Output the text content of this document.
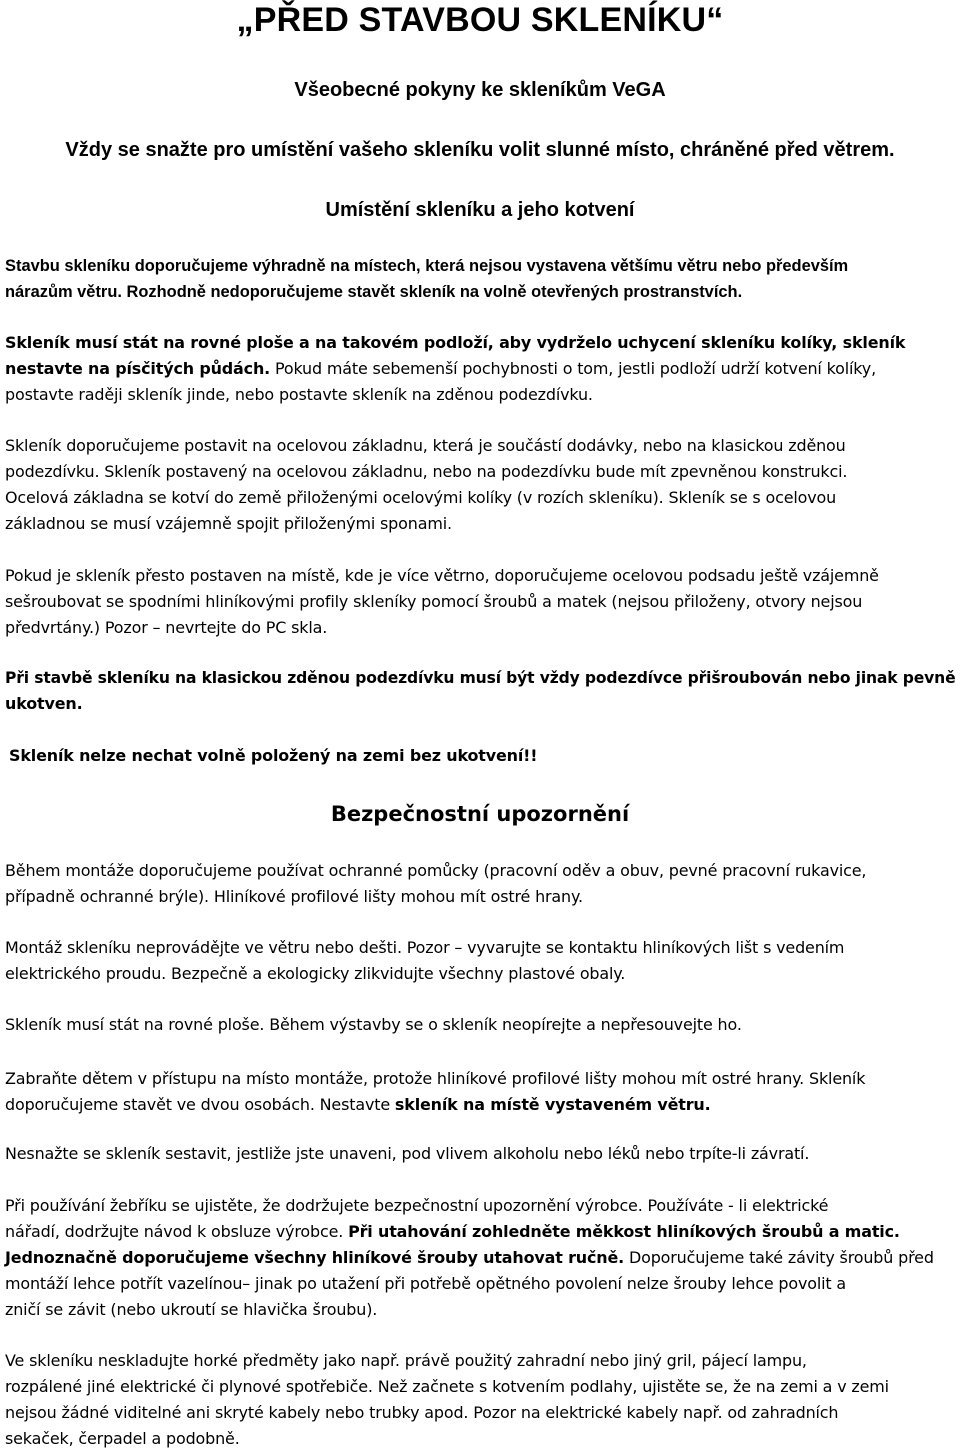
„PŘED STAVBOU SKLENÍKU“
Všeobecné pokyny ke skleníkům VeGA
Vždy se snažte pro umístění vašeho skleníku volit slunné místo, chráněné před větrem.
Umístění skleníku a jeho kotvení
Stavbu skleníku doporučujeme výhradně na místech, která nejsou vystavena většímu větru nebo především
nárazům větru. Rozhodně nedoporučujeme stavět skleník na volně otevřených prostranstvích.
Skleník musí stát na rovné ploše a na takovém podloží, aby vydrželo uchycení skleníku kolíky, skleník
nestavte na písčitých půdách. Pokud máte sebemenší pochybnosti o tom, jestli podloží udrží kotvení kolíky,
postavte raději skleník jinde, nebo postavte skleník na zděnou podezdívku.
Skleník doporučujeme postavit na ocelovou základnu, která je součástí dodávky, nebo na klasickou zděnou
podezdívku. Skleník postavený na ocelovou základnu, nebo na podezdívku bude mít zpevněnou konstrukci.
Ocelová základna se kotví do země přiloženými ocelovými kolíky (v rozích skleníku). Skleník se s ocelovou
základnou se musí vzájemně spojit přiloženými sponami.
Pokud je skleník přesto postaven na místě, kde je více větrno, doporučujeme ocelovou podsadu ještě vzájemně
sešroubovat se spodními hliníkovými profily skleníky pomocí šroubů a matek (nejsou přiloženy, otvory nejsou
předvrtány.) Pozor – nevrtejte do PC skla.
Při stavbě skleníku na klasickou zděnou podezdívku musí být vždy podezdívce přišroubován nebo jinak pevně
ukotven.
Skleník nelze nechat volně položený na zemi bez ukotvení!!
Bezpečnostní upozornění
Během montáže doporučujeme používat ochranné pomůcky (pracovní oděv a obuv, pevné pracovní rukavice,
případně ochranné brýle). Hliníkové profilové lišty mohou mít ostré hrany.
Montáž skleníku neprovádějte ve větru nebo dešti. Pozor – vyvarujte se kontaktu hliníkových lišt s vedením
elektrického proudu. Bezpečně a ekologicky zlikvidujte všechny plastové obaly.
Skleník musí stát na rovné ploše. Během výstavby se o skleník neopírejte a nepřesouvejte ho.
Zabraňte dětem v přístupu na místo montáže, protože hliníkové profilové lišty mohou mít ostré hrany. Skleník
doporučujeme stavět ve dvou osobách. Nestavte skleník na místě vystaveném větru.
Nesnažte se skleník sestavit, jestliže jste unaveni, pod vlivem alkoholu nebo léků nebo trpíte-li závratí.
Při používání žebříku se ujistěte, že dodržujete bezpečnostní upozornění výrobce. Používáte - li elektrické
nářadí, dodržujte návod k obsluze výrobce. Při utahování zohledněte měkkost hliníkových šroubů a matic.
Jednoznačně doporučujeme všechny hliníkové šrouby utahovat ručně. Doporučujeme také závity šroubů před
montáží lehce potřít vazelínou– jinak po utažení při potřebě opětného povolení nelze šrouby lehce povolit a
zničí se závit (nebo ukroutí se hlavička šroubu).
Ve skleníku neskladujte horké předměty jako např. právě použitý zahradní nebo jiný gril, pájecí lampu,
rozpálené jiné elektrické či plynové spotřebiče. Než začnete s kotvením podlahy, ujistěte se, že na zemi a v zemi
nejsou žádné viditelné ani skryté kabely nebo trubky apod. Pozor na elektrické kabely např. od zahradních
sekaček, čerpadel a podobně.
